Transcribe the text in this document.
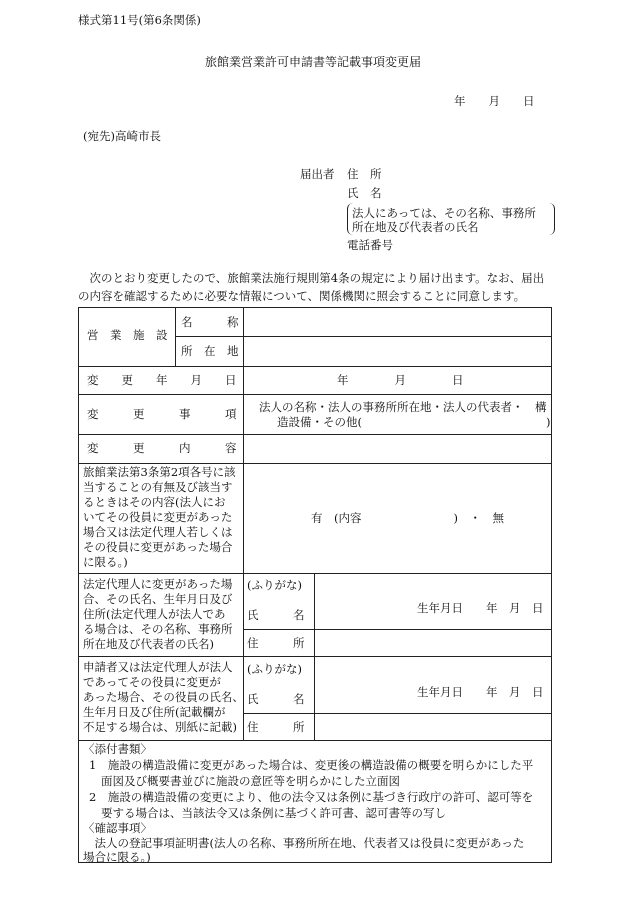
様式第11号(第6条関係)
旅館業営業許可申請書等記載事項変更届
年　　月　　日
(宛先)高崎市長
届出者 住　所
氏　名
法人にあっては、その名称、事務所
所在地及び代表者の氏名
電話番号
　次のとおり変更したので、旅館業法施行規則第4条の規定により届け出ます。なお、届出
の内容を確認するために必要な情報について、関係機関に照会することに同意します。
営　業　施　設
名　　　称
所　在　地
変　　更　　年　　月　　日	年　　　　月　　　　日
変　　　更　　　事　　　項 法人の名称・法人の事務所所在地・法人の代表者・　構
造設備・その他(　　　　　　　　　　　　　　　　)
変　　　更　　　内　　　容
旅館業法第3条第2項各号に該
当することの有無及び該当す
るときはその内容(法人にお
いてその役員に変更があった
場合又は法定代理人若しくは
その役員に変更があった場合
に限る。)
有　(内容　　　　　　　　)　・　無
法定代理人に変更があった場
合、その氏名、生年月日及び
住所(法定代理人が法人であ
る場合は、その名称、事務所
所在地及び代表者の氏名)
(ふりがな)
氏　　　名
住　　　所
生年月日　　年　月　日
申請者又は法定代理人が法人
であってその役員に変更が
あった場合、その役員の氏名、
生年月日及び住所(記載欄が
不足する場合は、別紙に記載)
(ふりがな)
氏　　　名
住　　　所
生年月日　　年　月　日
〈添付書類〉
1　施設の構造設備に変更があった場合は、変更後の構造設備の概要を明らかにした平
面図及び概要書並びに施設の意匠等を明らかにした立面図
2　施設の構造設備の変更により、他の法令又は条例に基づき行政庁の許可、認可等を
要する場合は、当該法令又は条例に基づく許可書、認可書等の写し
〈確認事項〉
　法人の登記事項証明書(法人の名称、事務所所在地、代表者又は役員に変更があった
場合に限る。)
